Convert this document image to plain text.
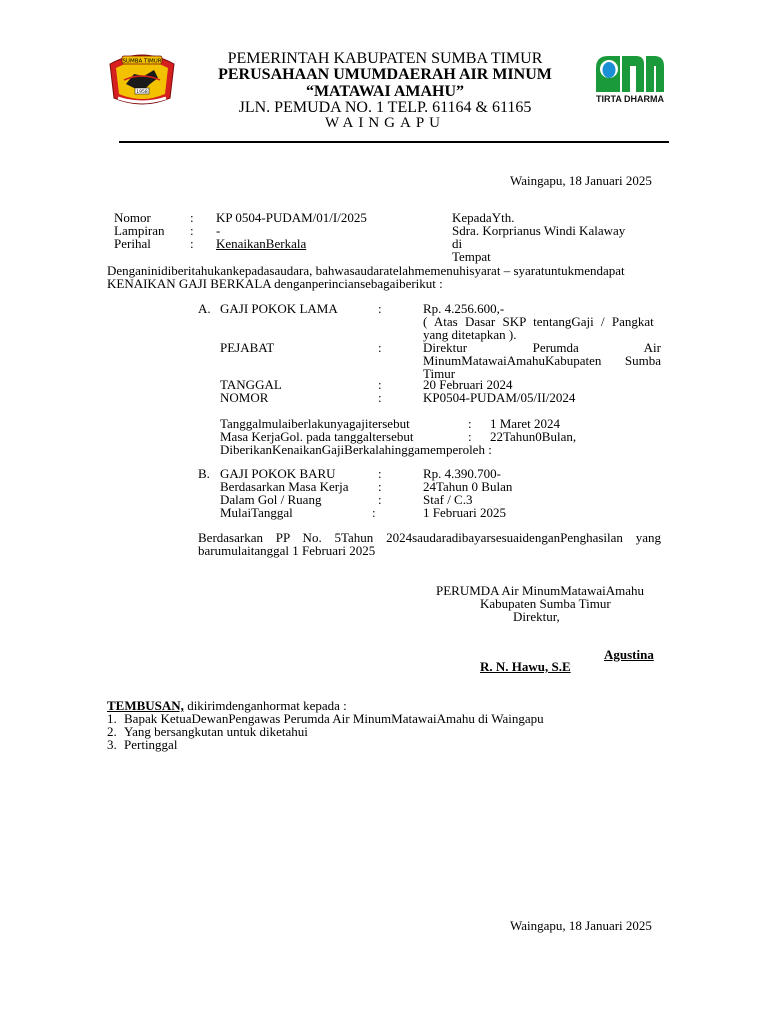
SUMBA TIMUR
1958
TIRTA DHARMA
PEMERINTAH KABUPATEN SUMBA TIMUR
PERUSAHAAN UMUMDAERAH AIR MINUM
“MATAWAI AMAHU”
JLN. PEMUDA NO. 1 TELP. 61164 & 61165
WAINGAPU
Waingapu, 18 Januari 2025
Nomor	: KP 0504-PUDAM/01/I/2025
Lampiran : -
Perihal	: KenaikanBerkala
KepadaYth.
Sdra. Korprianus Windi Kalaway
di
Tempat
Denganinidiberitahukankepadasaudara, bahwasaudaratelahmemenuhisyarat – syaratuntukmendapat
KENAIKAN GAJI BERKALA denganperinciansebagaiberikut :
A. GAJI POKOK LAMA	:	Rp. 4.256.600,-
( Atas Dasar SKP tentangGaji / Pangkat
yang ditetapkan ).
PEJABAT	:	Direktur Perumda Air
MinumMatawaiAmahuKabupaten Sumba
Timur
TANGGAL	:	20 Februari 2024
NOMOR	:	KP0504-PUDAM/05/II/2024
Tanggalmulaiberlakunyagajitersebut	: 1 Maret 2024
Masa KerjaGol. pada tanggaltersebut	: 22Tahun0Bulan,
DiberikanKenaikanGajiBerkalahinggamemperoleh :
B. GAJI POKOK BARU	:	Rp. 4.390.700-
Berdasarkan Masa Kerja :	24Tahun 0 Bulan
Dalam Gol / Ruang	:	Staf / C.3
MulaiTanggal	:	1 Februari 2025
Berdasarkan PP No. 5Tahun 2024saudaradibayarsesuaidenganPenghasilan yang
barumulaitanggal 1 Februari 2025
PERUMDA Air MinumMatawaiAmahu
Kabupaten Sumba Timur
Direktur,
Agustina
R. N. Hawu, S.E
TEMBUSAN, dikirimdenganhormat kepada :
1. Bapak KetuaDewanPengawas Perumda Air MinumMatawaiAmahu di Waingapu
2. Yang bersangkutan untuk diketahui
3. Pertinggal
Waingapu, 18 Januari 2025
